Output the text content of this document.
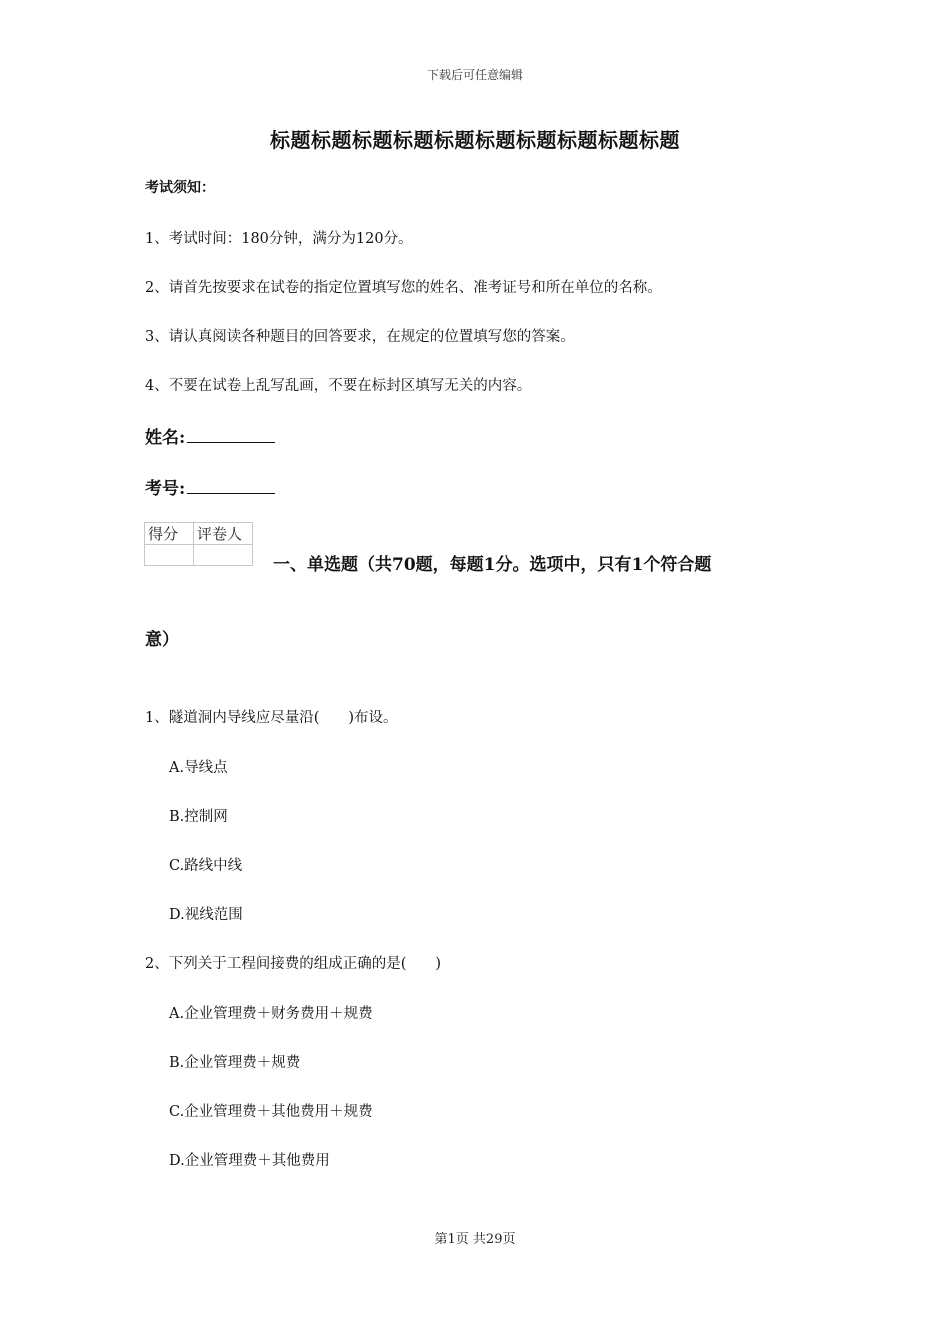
下载后可任意编辑
标题标题标题标题标题标题标题标题标题标题
考试须知：
1、考试时间：180分钟，满分为120分。
2、请首先按要求在试卷的指定位置填写您的姓名、准考证号和所在单位的名称。
3、请认真阅读各种题目的回答要求，在规定的位置填写您的答案。
4、不要在试卷上乱写乱画，不要在标封区填写无关的内容。
姓名:
考号:
得分	评卷人

一、单选题（共70题，每题1分。选项中，只有1个符合题
意）
1、隧道洞内导线应尽量沿(　　)布设。
A.导线点
B.控制网
C.路线中线
D.视线范围
2、下列关于工程间接费的组成正确的是(　　)
A.企业管理费＋财务费用＋规费
B.企业管理费＋规费
C.企业管理费＋其他费用＋规费
D.企业管理费＋其他费用
第1页 共29页
